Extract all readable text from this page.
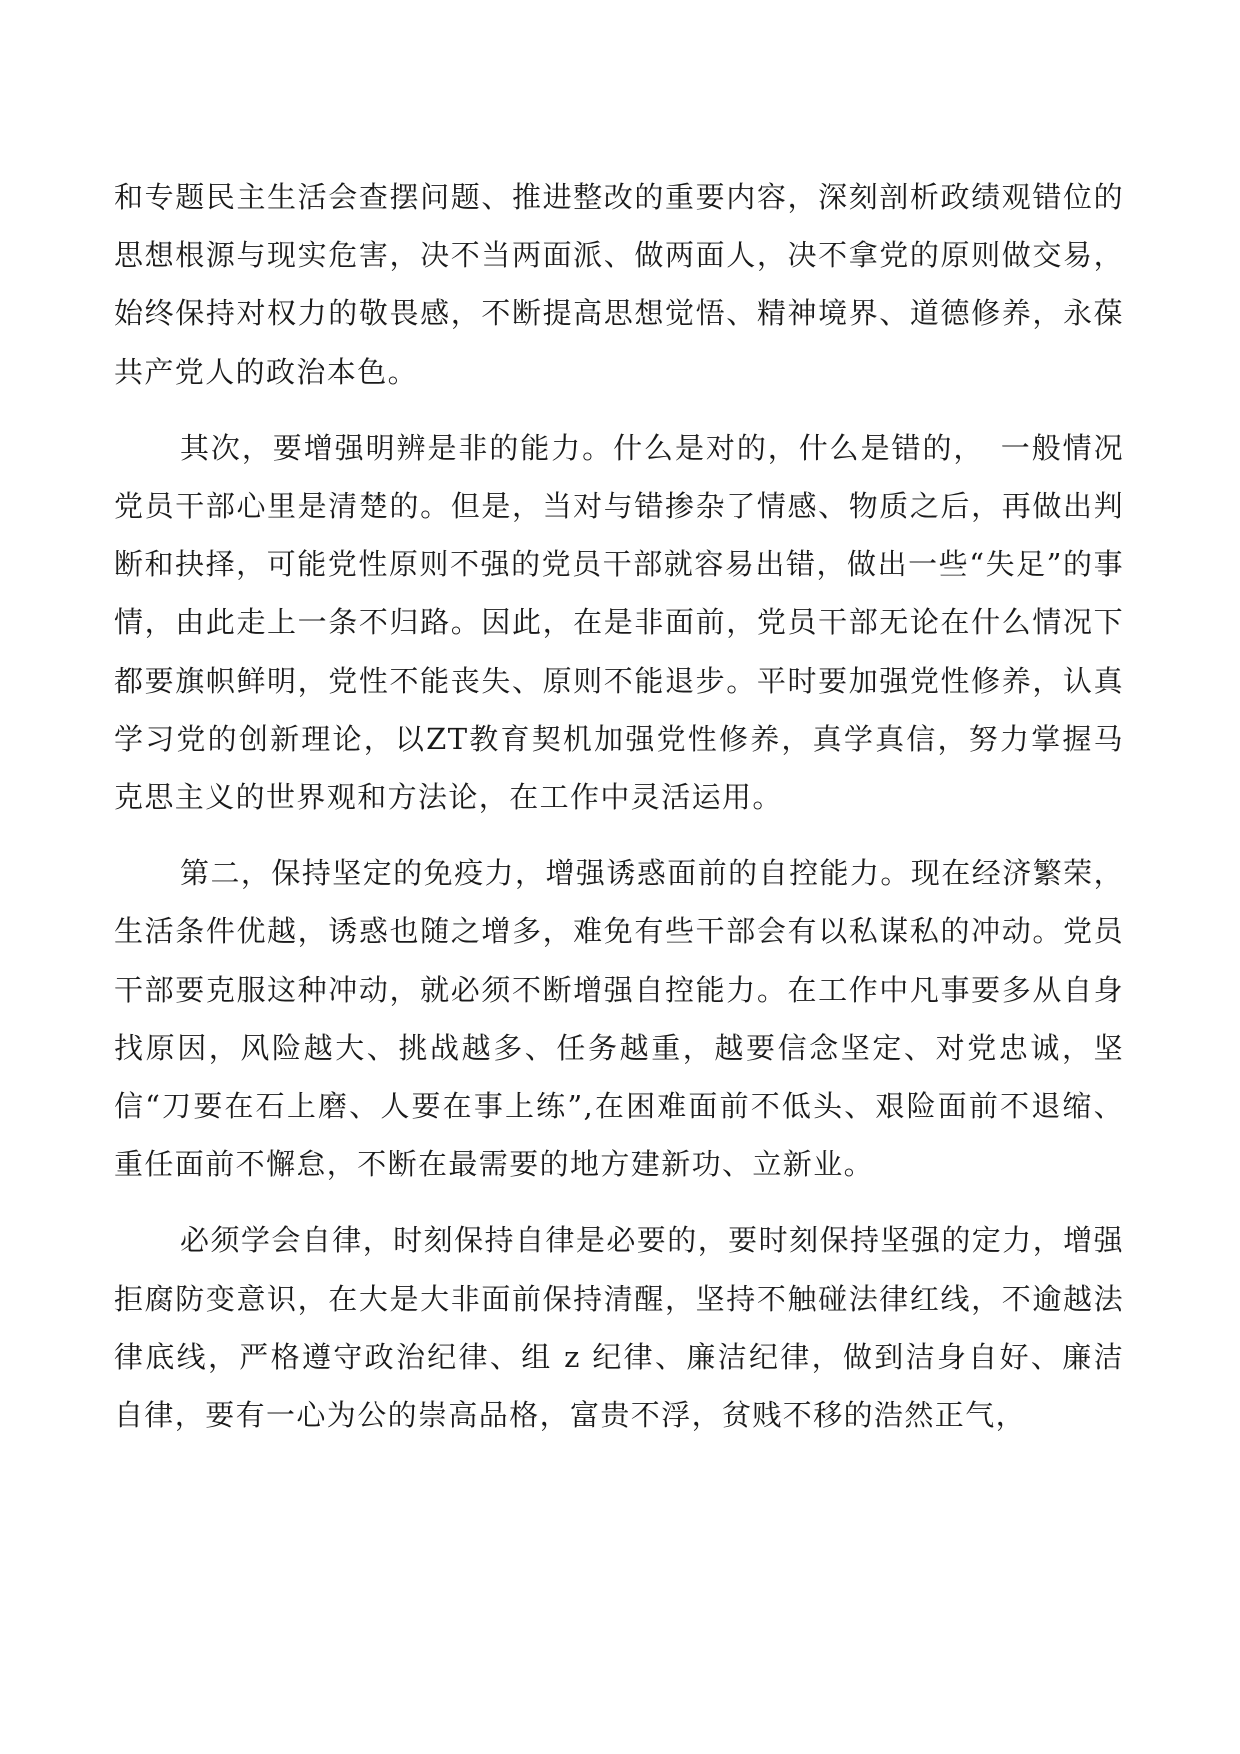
和专题民主生活会查摆问题、推进整改的重要内容，深刻剖析政绩观错位的思想根源与现实危害，决不当两面派、做两面人，决不拿党的原则做交易，始终保持对权力的敬畏感，不断提高思想觉悟、精神境界、道德修养，永葆共产党人的政治本色。

其次，要增强明辨是非的能力。什么是对的，什么是错的，　一般情况党员干部心里是清楚的。但是，当对与错掺杂了情感、物质之后，再做出判断和抉择，可能党性原则不强的党员干部就容易出错，做出一些“失足”的事情，由此走上一条不归路。因此，在是非面前，党员干部无论在什么情况下都要旗帜鲜明，党性不能丧失、原则不能退步。平时要加强党性修养，认真学习党的创新理论，以ZT教育契机加强党性修养，真学真信，努力掌握马克思主义的世界观和方法论，在工作中灵活运用。

第二，保持坚定的免疫力，增强诱惑面前的自控能力。现在经济繁荣，生活条件优越，诱惑也随之增多，难免有些干部会有以私谋私的冲动。党员干部要克服这种冲动，就必须不断增强自控能力。在工作中凡事要多从自身找原因，风险越大、挑战越多、任务越重，越要信念坚定、对党忠诚，坚信“刀要在石上磨、人要在事上练”,在困难面前不低头、艰险面前不退缩、重任面前不懈怠，不断在最需要的地方建新功、立新业。

必须学会自律，时刻保持自律是必要的，要时刻保持坚强的定力，增强拒腐防变意识，在大是大非面前保持清醒，坚持不触碰法律红线，不逾越法律底线，严格遵守政治纪律、组 z 纪律、廉洁纪律，做到洁身自好、廉洁自律，要有一心为公的崇高品格，富贵不浮，贫贱不移的浩然正气，
